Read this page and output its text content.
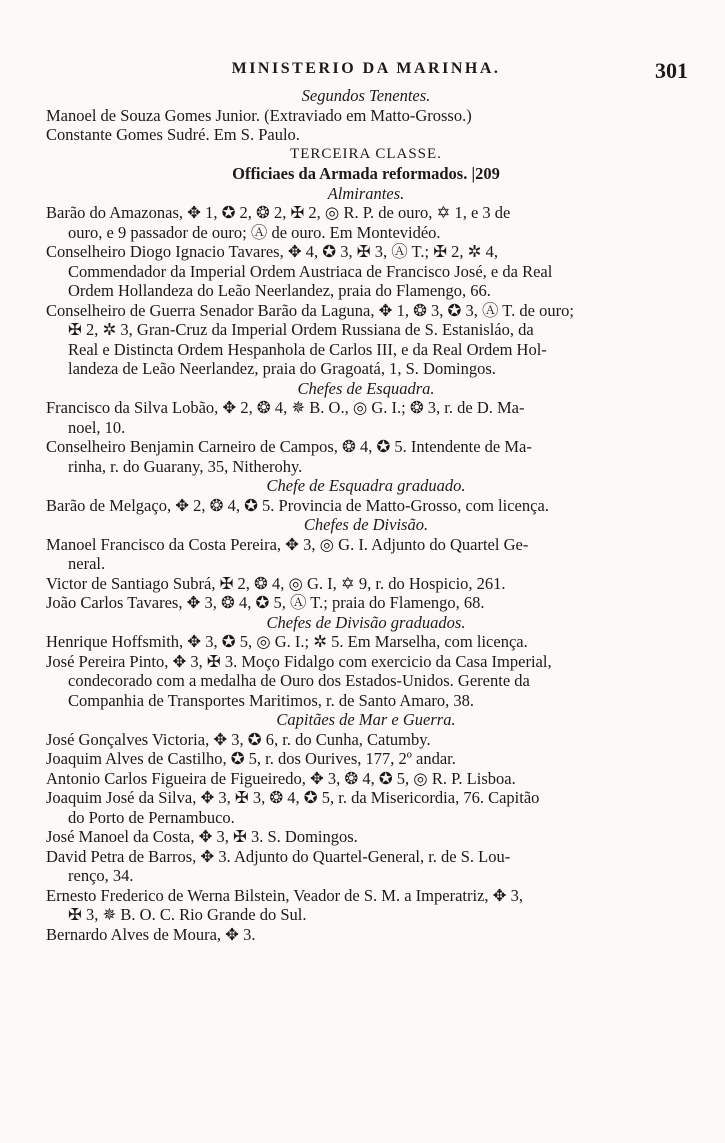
MINISTERIO DA MARINHA.	301
Segundos Tenentes.
Manoel de Souza Gomes Junior. (Extraviado em Matto-Grosso.)
Constante Gomes Sudré. Em S. Paulo.
TERCEIRA CLASSE.
Officiaes da Armada reformados. |209
Almirantes.
Barão do Amazonas, ✥ 1, ✪ 2, ❂ 2, ✠ 2, ◎ R. P. de ouro, ✡ 1, e 3 de
ouro, e 9 passador de ouro; Ⓐ de ouro. Em Montevidéo.
Conselheiro Diogo Ignacio Tavares, ✥ 4, ✪ 3, ✠ 3, Ⓐ T.; ✠ 2, ✲ 4,
Commendador da Imperial Ordem Austriaca de Francisco José, e da Real
Ordem Hollandeza do Leão Neerlandez, praia do Flamengo, 66.
Conselheiro de Guerra Senador Barão da Laguna, ✥ 1, ❂ 3, ✪ 3, Ⓐ T. de ouro;
✠ 2, ✲ 3, Gran-Cruz da Imperial Ordem Russiana de S. Estanisláo, da
Real e Distincta Ordem Hespanhola de Carlos III, e da Real Ordem Hol-
landeza de Leão Neerlandez, praia do Gragoatá, 1, S. Domingos.
Chefes de Esquadra.
Francisco da Silva Lobão, ✥ 2, ❂ 4, ✵ B. O., ◎ G. I.; ❂ 3, r. de D. Ma-
noel, 10.
Conselheiro Benjamin Carneiro de Campos, ❂ 4, ✪ 5. Intendente de Ma-
rinha, r. do Guarany, 35, Nitherohy.
Chefe de Esquadra graduado.
Barão de Melgaço, ✥ 2, ❂ 4, ✪ 5. Provincia de Matto-Grosso, com licença.
Chefes de Divisão.
Manoel Francisco da Costa Pereira, ✥ 3, ◎ G. I. Adjunto do Quartel Ge-
neral.
Victor de Santiago Subrá, ✠ 2, ❂ 4, ◎ G. I, ✡ 9, r. do Hospicio, 261.
João Carlos Tavares, ✥ 3, ❂ 4, ✪ 5, Ⓐ T.; praia do Flamengo, 68.
Chefes de Divisão graduados.
Henrique Hoffsmith, ✥ 3, ✪ 5, ◎ G. I.; ✲ 5. Em Marselha, com licença.
José Pereira Pinto, ✥ 3, ✠ 3. Moço Fidalgo com exercicio da Casa Imperial,
condecorado com a medalha de Ouro dos Estados-Unidos. Gerente da
Companhia de Transportes Maritimos, r. de Santo Amaro, 38.
Capitães de Mar e Guerra.
José Gonçalves Victoria, ✥ 3, ✪ 6, r. do Cunha, Catumby.
Joaquim Alves de Castilho, ✪ 5, r. dos Ourives, 177, 2º andar.
Antonio Carlos Figueira de Figueiredo, ✥ 3, ❂ 4, ✪ 5, ◎ R. P. Lisboa.
Joaquim José da Silva, ✥ 3, ✠ 3, ❂ 4, ✪ 5, r. da Misericordia, 76. Capitão
do Porto de Pernambuco.
José Manoel da Costa, ✥ 3, ✠ 3. S. Domingos.
David Petra de Barros, ✥ 3. Adjunto do Quartel-General, r. de S. Lou-
renço, 34.
Ernesto Frederico de Werna Bilstein, Veador de S. M. a Imperatriz, ✥ 3,
✠ 3, ✵ B. O. C. Rio Grande do Sul.
Bernardo Alves de Moura, ✥ 3.
